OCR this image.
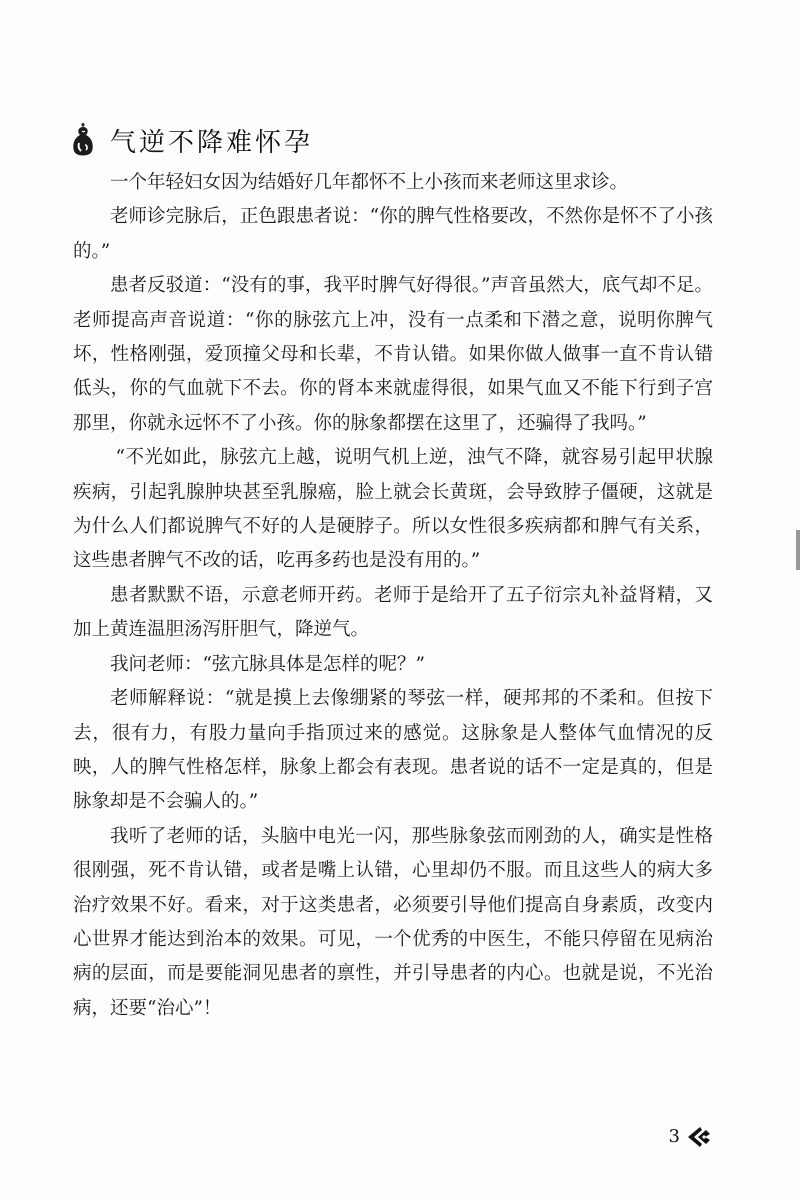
气逆不降难怀孕

一个年轻妇女因为结婚好几年都怀不上小孩而来老师这里求诊。

老师诊完脉后，正色跟患者说：“你的脾气性格要改，不然你是怀不了小孩的。”

患者反驳道：“没有的事，我平时脾气好得很。”声音虽然大，底气却不足。老师提高声音说道：“你的脉弦亢上冲，没有一点柔和下潜之意，说明你脾气坏，性格刚强，爱顶撞父母和长辈，不肯认错。如果你做人做事一直不肯认错低头，你的气血就下不去。你的肾本来就虚得很，如果气血又不能下行到子宫那里，你就永远怀不了小孩。你的脉象都摆在这里了，还骗得了我吗。”

“不光如此，脉弦亢上越，说明气机上逆，浊气不降，就容易引起甲状腺疾病，引起乳腺肿块甚至乳腺癌，脸上就会长黄斑，会导致脖子僵硬，这就是为什么人们都说脾气不好的人是硬脖子。所以女性很多疾病都和脾气有关系，这些患者脾气不改的话，吃再多药也是没有用的。”

患者默默不语，示意老师开药。老师于是给开了五子衍宗丸补益肾精，又加上黄连温胆汤泻肝胆气，降逆气。

我问老师：“弦亢脉具体是怎样的呢？”

老师解释说：“就是摸上去像绷紧的琴弦一样，硬邦邦的不柔和。但按下去，很有力，有股力量向手指顶过来的感觉。这脉象是人整体气血情况的反映，人的脾气性格怎样，脉象上都会有表现。患者说的话不一定是真的，但是脉象却是不会骗人的。”

我听了老师的话，头脑中电光一闪，那些脉象弦而刚劲的人，确实是性格很刚强，死不肯认错，或者是嘴上认错，心里却仍不服。而且这些人的病大多治疗效果不好。看来，对于这类患者，必须要引导他们提高自身素质，改变内心世界才能达到治本的效果。可见，一个优秀的中医生，不能只停留在见病治病的层面，而是要能洞见患者的禀性，并引导患者的内心。也就是说，不光治病，还要“治心”！

3
